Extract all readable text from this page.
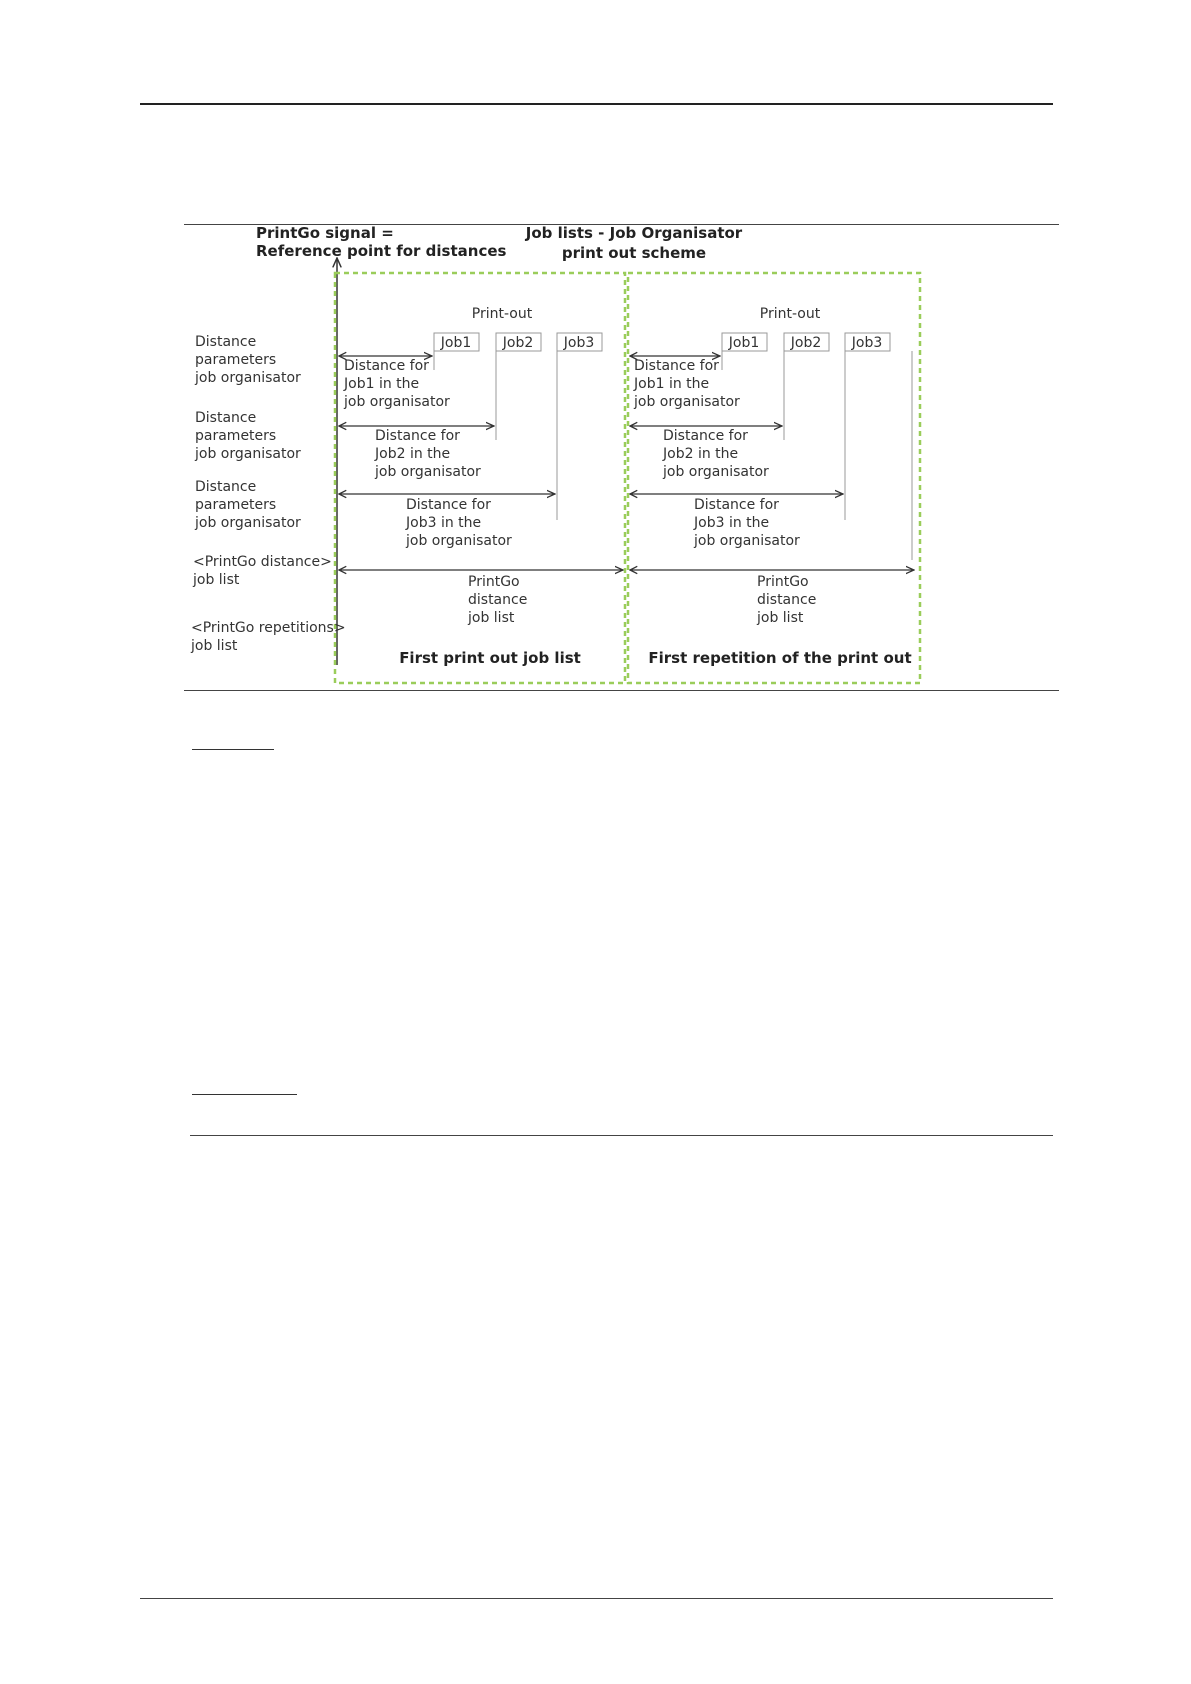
PrintGo signal =
Reference point for distances
Job lists - Job Organisator
print out scheme
Distance
parameters
job organisator
Distance
parameters
job organisator
Distance
parameters
job organisator
<PrintGo distance>
job list
<PrintGo repetitions>
job list
Print-out
Job1 Job2 Job3
Distance for
Job1 in the
job organisator
Distance for
Job2 in the
job organisator
Distance for
Job3 in the
job organisator
PrintGo
distance
job list
First print out job list
Print-out
Job1 Job2 Job3
Distance for
Job1 in the
job organisator
Distance for
Job2 in the
job organisator
Distance for
Job3 in the
job organisator
PrintGo
distance
job list
First repetition of the print out
